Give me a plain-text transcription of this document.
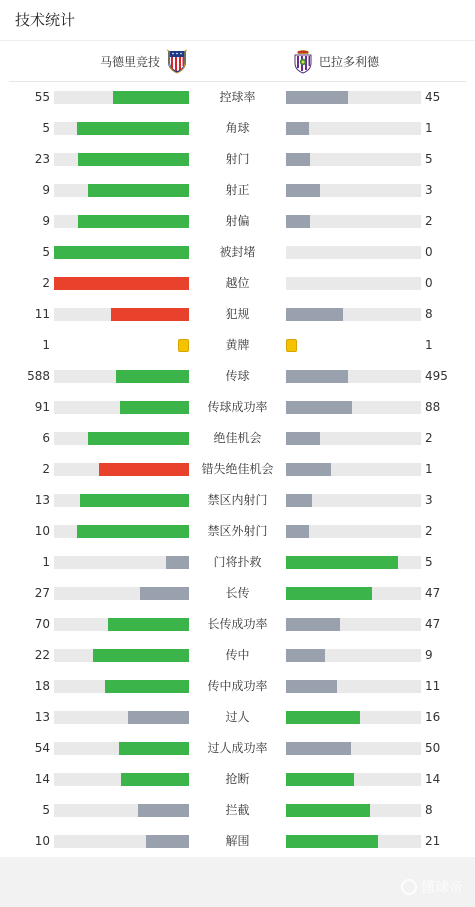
技术统计
马德里竞技	巴拉多利德
55	控球率	45
5	角球	1
23	射门	5
9	射正	3
9	射偏	2
5	被封堵	0
2	越位	0
11	犯规	8
1	黄牌	1
588	传球	495
91	传球成功率	88
6	绝佳机会	2
2	错失绝佳机会	1
13	禁区内射门	3
10	禁区外射门	2
1	门将扑救	5
27	长传	47
70	长传成功率	47
22	传中	9
18	传中成功率	11
13	过人	16
54	过人成功率	50
14	抢断	14
5	拦截	8
10	解围	21
懂球帝
